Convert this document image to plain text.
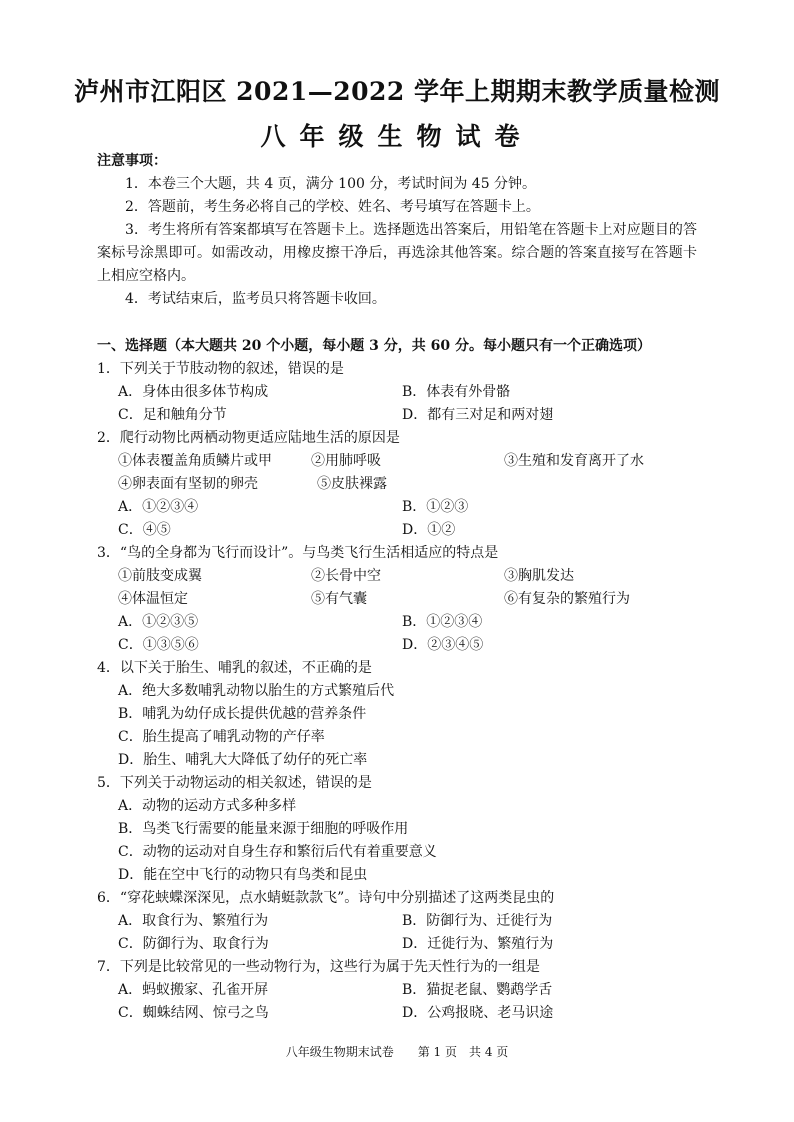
泸州市江阳区 2021—2022 学年上期期末教学质量检测
八年级生物试卷
注意事项：
1．本卷三个大题，共 4 页，满分 100 分，考试时间为 45 分钟。
2．答题前，考生务必将自己的学校、姓名、考号填写在答题卡上。
3．考生将所有答案都填写在答题卡上。选择题选出答案后，用铅笔在答题卡上对应题目的答案标号涂黑即可。如需改动，用橡皮擦干净后，再选涂其他答案。综合题的答案直接写在答题卡上相应空格内。
4．考试结束后，监考员只将答题卡收回。
一、选择题（本大题共 20 个小题，每小题 3 分，共 60 分。每小题只有一个正确选项）
1．下列关于节肢动物的叙述，错误的是
A．身体由很多体节构成	B．体表有外骨骼
C．足和触角分节	D．都有三对足和两对翅
2．爬行动物比两栖动物更适应陆地生活的原因是
①体表覆盖角质鳞片或甲	②用肺呼吸	③生殖和发育离开了水
④卵表面有坚韧的卵壳	⑤皮肤裸露
A．①②③④	B．①②③
C．④⑤	D．①②
3．“鸟的全身都为飞行而设计”。与鸟类飞行生活相适应的特点是
①前肢变成翼	②长骨中空	③胸肌发达
④体温恒定	⑤有气囊	⑥有复杂的繁殖行为
A．①②③⑤	B．①②③④
C．①③⑤⑥	D．②③④⑤
4．以下关于胎生、哺乳的叙述，不正确的是
A．绝大多数哺乳动物以胎生的方式繁殖后代
B．哺乳为幼仔成长提供优越的营养条件
C．胎生提高了哺乳动物的产仔率
D．胎生、哺乳大大降低了幼仔的死亡率
5．下列关于动物运动的相关叙述，错误的是
A．动物的运动方式多种多样
B．鸟类飞行需要的能量来源于细胞的呼吸作用
C．动物的运动对自身生存和繁衍后代有着重要意义
D．能在空中飞行的动物只有鸟类和昆虫
6．“穿花蛱蝶深深见，点水蜻蜓款款飞”。诗句中分别描述了这两类昆虫的
A．取食行为、繁殖行为	B．防御行为、迁徙行为
C．防御行为、取食行为	D．迁徙行为、繁殖行为
7．下列是比较常见的一些动物行为，这些行为属于先天性行为的一组是
A．蚂蚁搬家、孔雀开屏	B．猫捉老鼠、鹦鹉学舌
C．蜘蛛结网、惊弓之鸟	D．公鸡报晓、老马识途
八年级生物期末试卷　　第 1 页　共 4 页
